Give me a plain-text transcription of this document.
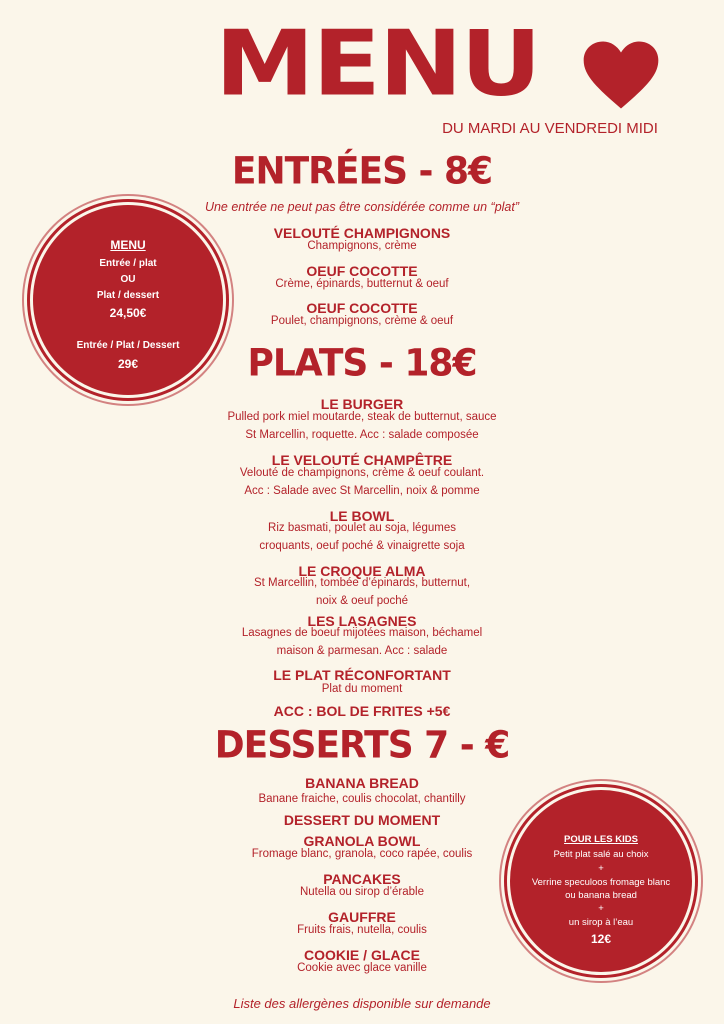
MENU
DU MARDI AU VENDREDI MIDI
ENTRÉES - 8€
Une entrée ne peut pas être considérée comme un “plat”
VELOUTÉ CHAMPIGNONS
Champignons, crème
OEUF COCOTTE
Crème, épinards, butternut & oeuf
OEUF COCOTTE
Poulet, champignons, crème & oeuf
MENU
Entrée / plat
OU
Plat / dessert
24,50€
Entrée / Plat / Dessert
29€	PLATS - 18€
LE BURGER
Pulled pork miel moutarde, steak de butternut, sauce
St Marcellin, roquette. Acc : salade composée
LE VELOUTÉ CHAMPÊTRE
Velouté de champignons, crème & oeuf coulant.
Acc : Salade avec St Marcellin, noix & pomme
LE BOWL
Riz basmati, poulet au soja, légumes
croquants, oeuf poché & vinaigrette soja
LE CROQUE ALMA
St Marcellin, tombée d’épinards, butternut,
noix & oeuf poché
LES LASAGNES
Lasagnes de boeuf mijotées maison, béchamel
maison & parmesan. Acc : salade
LE PLAT RÉCONFORTANT
Plat du moment
ACC : BOL DE FRITES +5€
DESSERTS 7 - €
BANANA BREAD
Banane fraiche, coulis chocolat, chantilly
DESSERT DU MOMENT
GRANOLA BOWL
Fromage blanc, granola, coco rapée, coulis
PANCAKES
Nutella ou sirop d’érable
GAUFFRE
Fruits frais, nutella, coulis
COOKIE / GLACE
Cookie avec glace vanille
POUR LES KIDS
Petit plat salé au choix
+
Verrine speculoos fromage blanc
ou banana bread
+
un sirop à l’eau
12€
Liste des allergènes disponible sur demande
